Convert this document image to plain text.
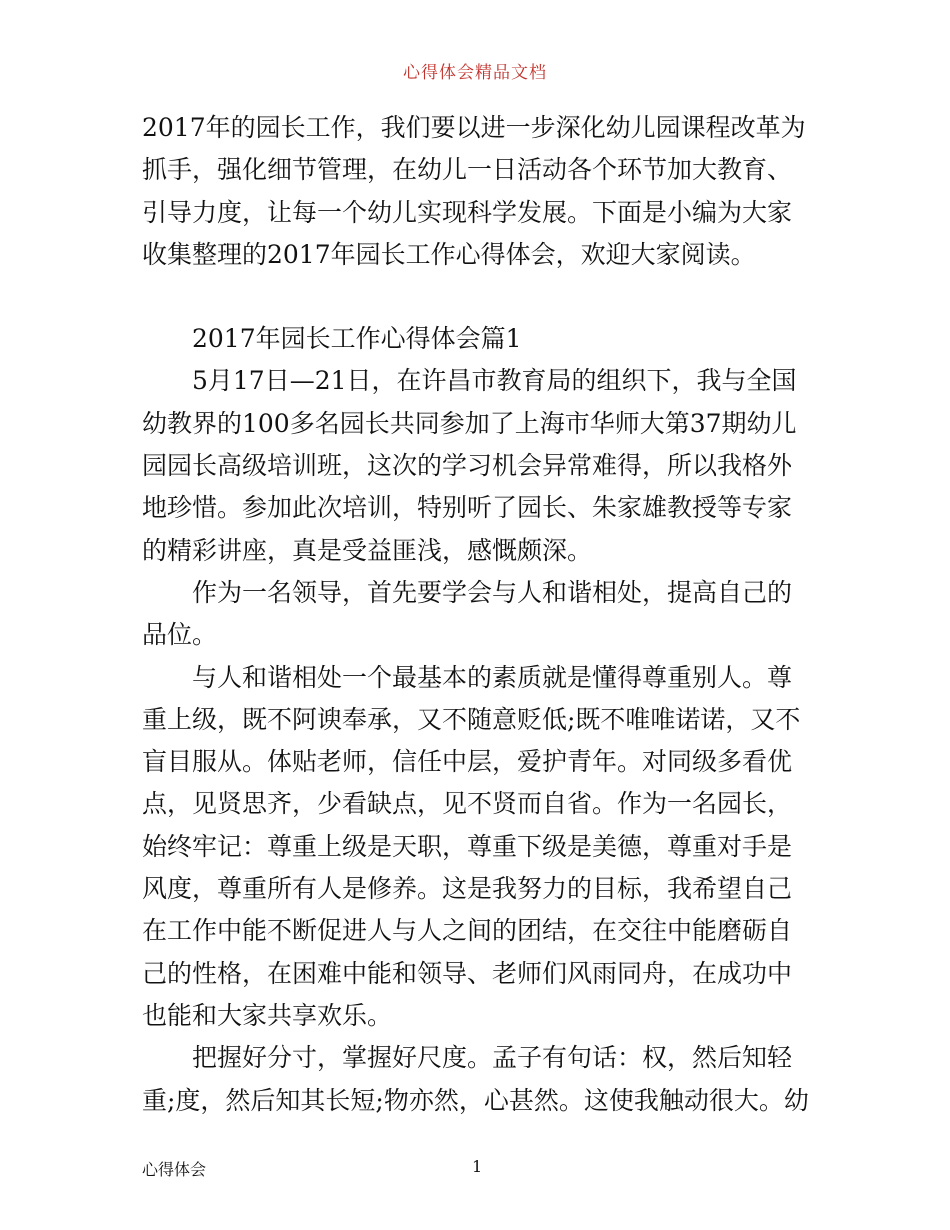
心得体会精品文档

2017年的园长工作，我们要以进一步深化幼儿园课程改革为抓手，强化细节管理，在幼儿一日活动各个环节加大教育、引导力度，让每一个幼儿实现科学发展。下面是小编为大家收集整理的2017年园长工作心得体会，欢迎大家阅读。

2017年园长工作心得体会篇1

5月17日—21日，在许昌市教育局的组织下，我与全国幼教界的100多名园长共同参加了上海市华师大第37期幼儿园园长高级培训班，这次的学习机会异常难得，所以我格外地珍惜。参加此次培训，特别听了园长、朱家雄教授等专家的精彩讲座，真是受益匪浅，感慨颇深。

作为一名领导，首先要学会与人和谐相处，提高自己的品位。

与人和谐相处一个最基本的素质就是懂得尊重别人。尊重上级，既不阿谀奉承，又不随意贬低;既不唯唯诺诺，又不盲目服从。体贴老师，信任中层，爱护青年。对同级多看优点，见贤思齐，少看缺点，见不贤而自省。作为一名园长，始终牢记：尊重上级是天职，尊重下级是美德，尊重对手是风度，尊重所有人是修养。这是我努力的目标，我希望自己在工作中能不断促进人与人之间的团结，在交往中能磨砺自己的性格，在困难中能和领导、老师们风雨同舟，在成功中也能和大家共享欢乐。

把握好分寸，掌握好尺度。孟子有句话：权，然后知轻重;度，然后知其长短;物亦然，心甚然。这使我触动很大。幼

心得体会	1
